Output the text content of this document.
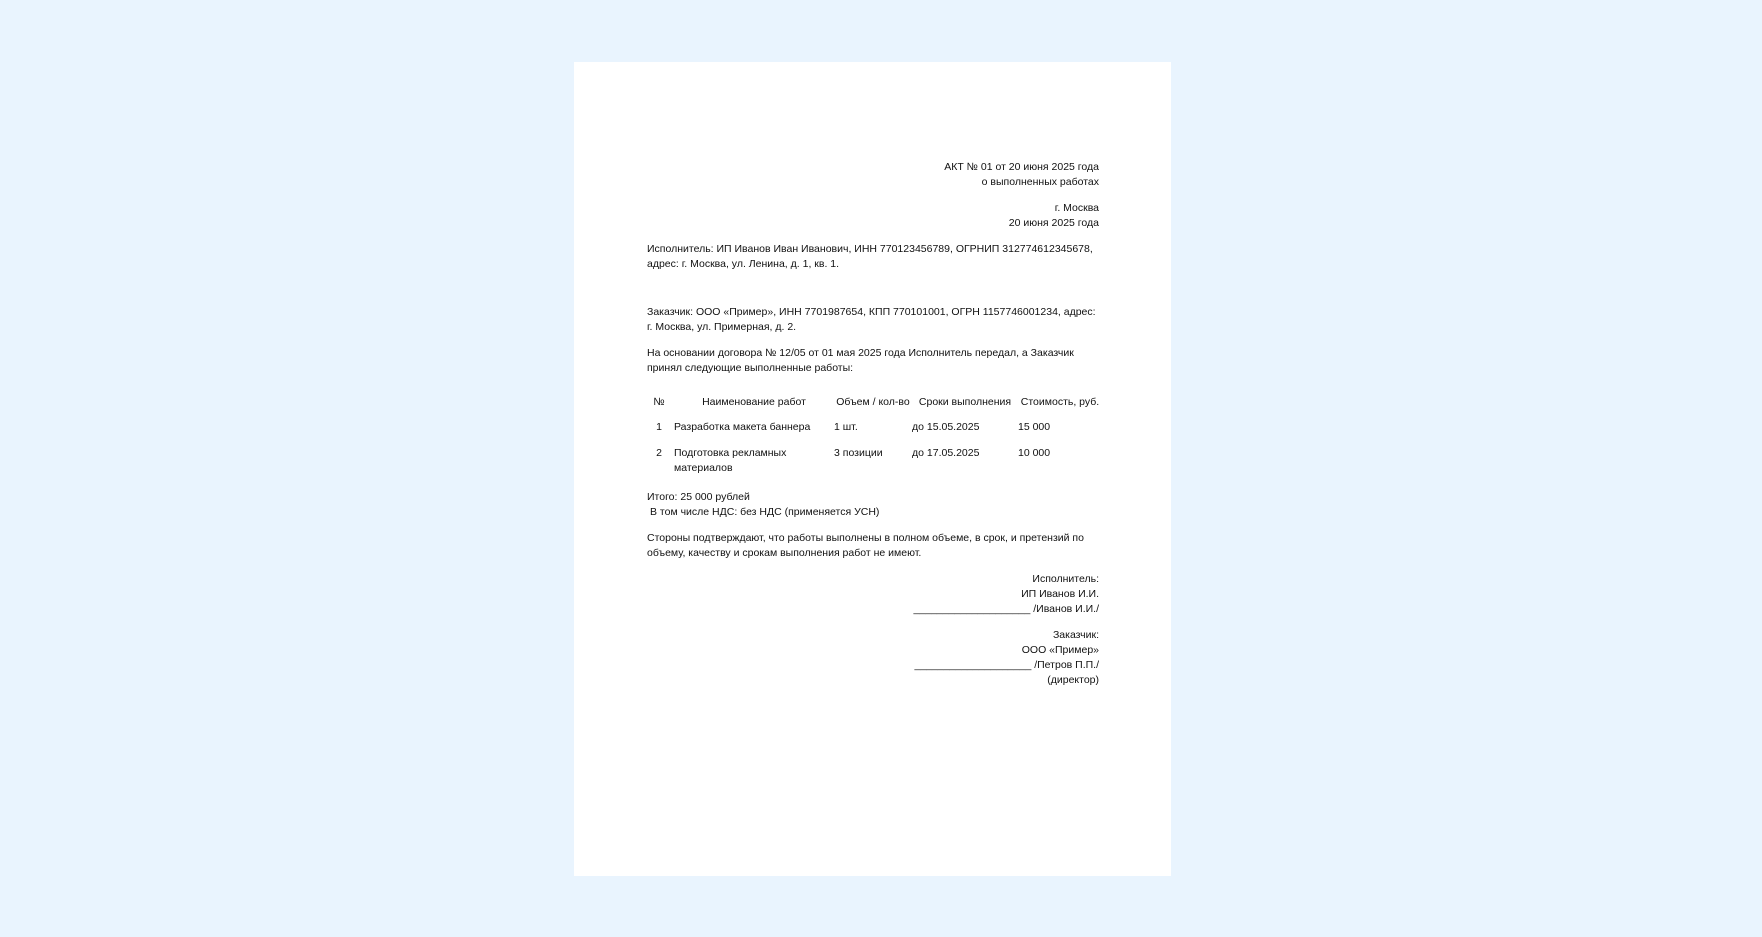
АКТ № 01 от 20 июня 2025 года
о выполненных работах
г. Москва
20 июня 2025 года

Исполнитель: ИП Иванов Иван Иванович, ИНН 770123456789, ОГРНИП 312774612345678, адрес: г. Москва, ул. Ленина, д. 1, кв. 1.

Заказчик: ООО «Пример», ИНН 7701987654, КПП 770101001, ОГРН 1157746001234, адрес: г. Москва, ул. Примерная, д. 2.

На основании договора № 12/05 от 01 мая 2025 года Исполнитель передал, а Заказчик принял следующие выполненные работы:

№	Наименование работ	Объем / кол-во	Сроки выполнения	Стоимость, руб.
1	Разработка макета баннера	1 шт.	до 15.05.2025	15 000
2	Подготовка рекламных материалов	3 позиции	до 17.05.2025	10 000
Итого: 25 000 рублей
В том числе НДС: без НДС (применяется УСН)

Стороны подтверждают, что работы выполнены в полном объеме, в срок, и претензий по объему, качеству и срокам выполнения работ не имеют.

Исполнитель:
ИП Иванов И.И.
____________________ /Иванов И.И./
Заказчик:
ООО «Пример»
____________________ /Петров П.П./
(директор)
